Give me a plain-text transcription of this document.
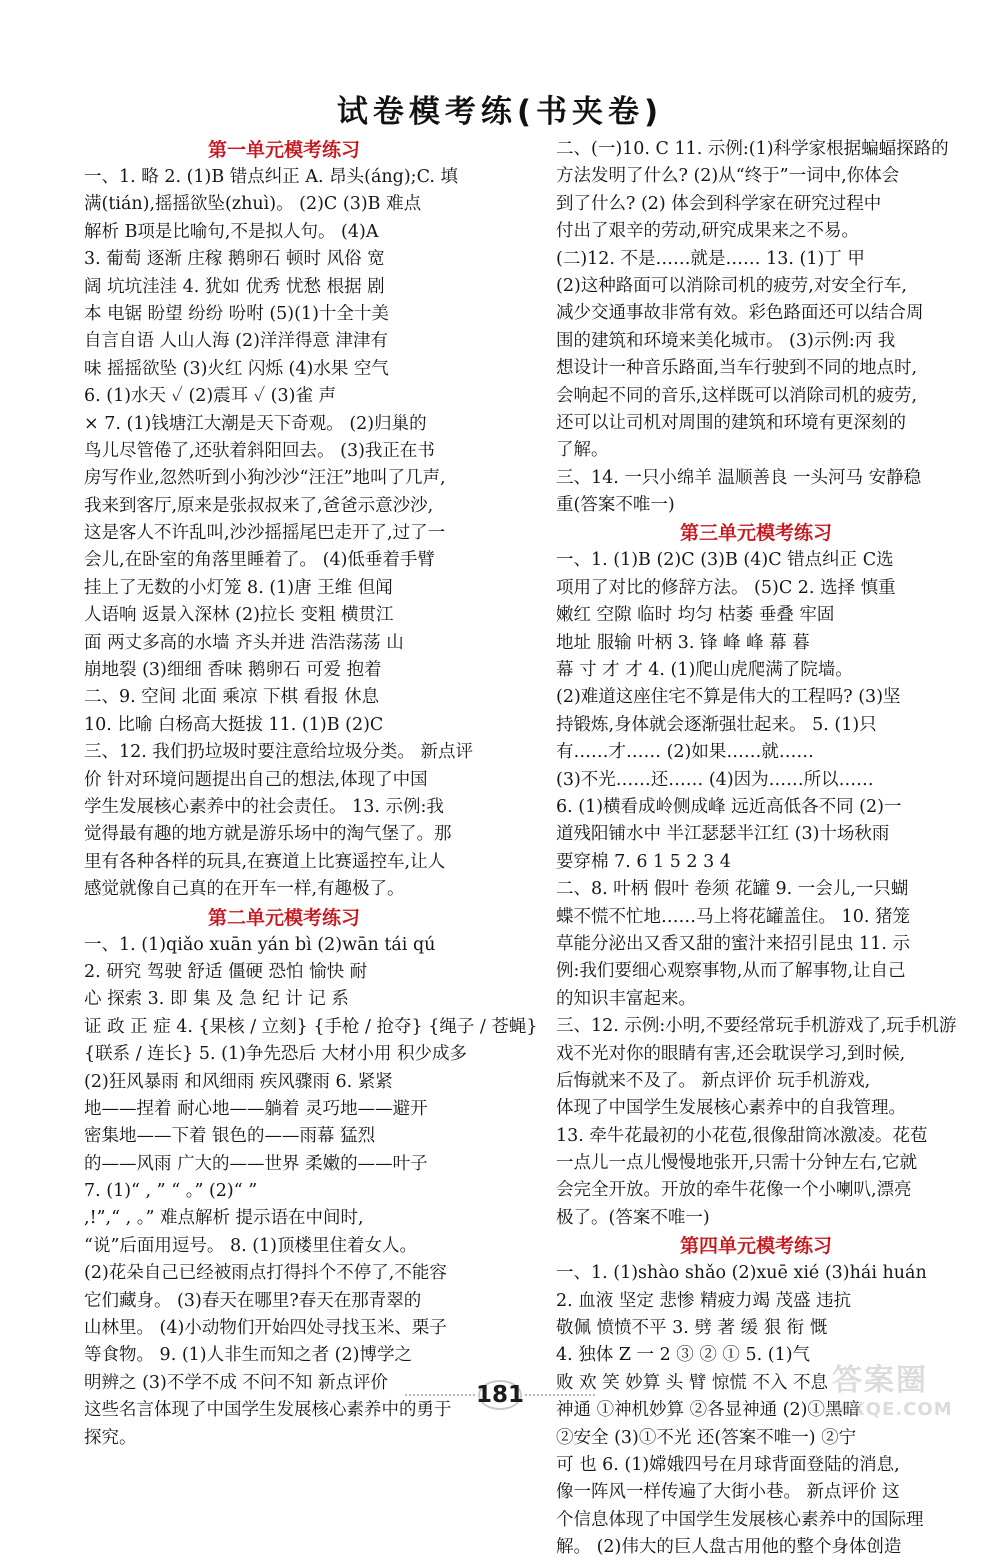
试卷模考练(书夹卷)
第一单元模考练习
一、1. 略 2. (1)B 错点纠正 A. 昂头(áng);C. 填
满(tián),摇摇欲坠(zhuì)。 (2)C (3)B 难点
解析 B项是比喻句,不是拟人句。 (4)A
3. 葡萄 逐渐 庄稼 鹅卵石 顿时 风俗 宽
阔 坑坑洼洼 4. 犹如 优秀 忧愁 根据 剧
本 电锯 盼望 纷纷 吩咐 (5)(1)十全十美
自言自语 人山人海 (2)洋洋得意 津津有
味 摇摇欲坠 (3)火红 闪烁 (4)水果 空气
6. (1)水天 ✓ (2)震耳 ✓ (3)雀 声
× 7. (1)钱塘江大潮是天下奇观。 (2)归巢的
鸟儿尽管倦了,还驮着斜阳回去。 (3)我正在书
房写作业,忽然听到小狗沙沙“汪汪”地叫了几声,
我来到客厅,原来是张叔叔来了,爸爸示意沙沙,
这是客人不许乱叫,沙沙摇摇尾巴走开了,过了一
会儿,在卧室的角落里睡着了。 (4)低垂着手臂
挂上了无数的小灯笼 8. (1)唐 王维 但闻
人语响 返景入深林 (2)拉长 变粗 横贯江
面 两丈多高的水墙 齐头并进 浩浩荡荡 山
崩地裂 (3)细细 香味 鹅卵石 可爱 抱着
二、9. 空间 北面 乘凉 下棋 看报 休息
10. 比喻 白杨高大挺拔 11. (1)B (2)C
三、12. 我们扔垃圾时要注意给垃圾分类。 新点评
价 针对环境问题提出自己的想法,体现了中国
学生发展核心素养中的社会责任。 13. 示例:我
觉得最有趣的地方就是游乐场中的淘气堡了。那
里有各种各样的玩具,在赛道上比赛遥控车,让人
感觉就像自己真的在开车一样,有趣极了。
第二单元模考练习
一、1. (1)qiǎo xuān yán bì (2)wān tái qú
2. 研究 驾驶 舒适 僵硬 恐怕 愉快 耐
心 探索 3. 即 集 及 急 纪 计 记 系
证 政 正 症 4. {果核 / 立刻} {手枪 / 抢夺} {绳子 / 苍蝇}
{联系 / 连长} 5. (1)争先恐后 大材小用 积少成多
(2)狂风暴雨 和风细雨 疾风骤雨 6. 紧紧
地——捏着 耐心地——躺着 灵巧地——避开
密集地——下着 银色的——雨幕 猛烈
的——风雨 广大的——世界 柔嫩的——叶子
7. (1)“ , ” “ 。” (2)“ ”
,!”,“ , 。” 难点解析 提示语在中间时,
“说”后面用逗号。 8. (1)顶楼里住着女人。
(2)花朵自己已经被雨点打得抖个不停了,不能容
它们藏身。 (3)春天在哪里?春天在那青翠的
山林里。 (4)小动物们开始四处寻找玉米、栗子
等食物。 9. (1)人非生而知之者 (2)博学之
明辨之 (3)不学不成 不问不知 新点评价
这些名言体现了中国学生发展核心素养中的勇于
探究。
二、(一)10. C 11. 示例:(1)科学家根据蝙蝠探路的
方法发明了什么? (2)从“终于”一词中,你体会
到了什么? (2) 体会到科学家在研究过程中
付出了艰辛的劳动,研究成果来之不易。
(二)12. 不是……就是…… 13. (1)丁 甲
(2)这种路面可以消除司机的疲劳,对安全行车,
减少交通事故非常有效。彩色路面还可以结合周
围的建筑和环境来美化城市。 (3)示例:丙 我
想设计一种音乐路面,当车行驶到不同的地点时,
会响起不同的音乐,这样既可以消除司机的疲劳,
还可以让司机对周围的建筑和环境有更深刻的
了解。
三、14. 一只小绵羊 温顺善良 一头河马 安静稳
重(答案不唯一)
第三单元模考练习
一、1. (1)B (2)C (3)B (4)C 错点纠正 C选
项用了对比的修辞方法。 (5)C 2. 选择 慎重
嫩红 空隙 临时 均匀 枯萎 垂叠 牢固
地址 服输 叶柄 3. 锋 峰 峰 幕 暮
幕 寸 才 才 4. (1)爬山虎爬满了院墙。
(2)难道这座住宅不算是伟大的工程吗? (3)坚
持锻炼,身体就会逐渐强壮起来。 5. (1)只
有……才…… (2)如果……就……
(3)不光……还…… (4)因为……所以……
6. (1)横看成岭侧成峰 远近高低各不同 (2)一
道残阳铺水中 半江瑟瑟半江红 (3)十场秋雨
要穿棉 7. 6 1 5 2 3 4
二、8. 叶柄 假叶 卷须 花罐 9. 一会儿,一只蝴
蝶不慌不忙地……马上将花罐盖住。 10. 猪笼
草能分泌出又香又甜的蜜汁来招引昆虫 11. 示
例:我们要细心观察事物,从而了解事物,让自己
的知识丰富起来。
三、12. 示例:小明,不要经常玩手机游戏了,玩手机游
戏不光对你的眼睛有害,还会耽误学习,到时候,
后悔就来不及了。 新点评价 玩手机游戏,
体现了中国学生发展核心素养中的自我管理。
13. 牵牛花最初的小花苞,很像甜筒冰激凌。花苞
一点儿一点儿慢慢地张开,只需十分钟左右,它就
会完全开放。开放的牵牛花像一个小喇叭,漂亮
极了。(答案不唯一)
第四单元模考练习
一、1. (1)shào shǎo (2)xuē xié (3)hái huán
2. 血液 坚定 悲惨 精疲力竭 茂盛 违抗
敬佩 愤愤不平 3. 劈 著 缓 狠 衔 慨
4. 独体 Z 一 2 ③ ② ① 5. (1)气
败 欢 笑 妙算 头 臂 惊慌 不入 不息
神通 ①神机妙算 ②各显神通 (2)①黑暗
②安全 (3)①不光 还(答案不唯一) ②宁
可 也 6. (1)嫦娥四号在月球背面登陆的消息,
像一阵风一样传遍了大街小巷。 新点评价 这
个信息体现了中国学生发展核心素养中的国际理
解。 (2)伟大的巨人盘古用他的整个身体创造
181	答案圈
MXQE.COM
